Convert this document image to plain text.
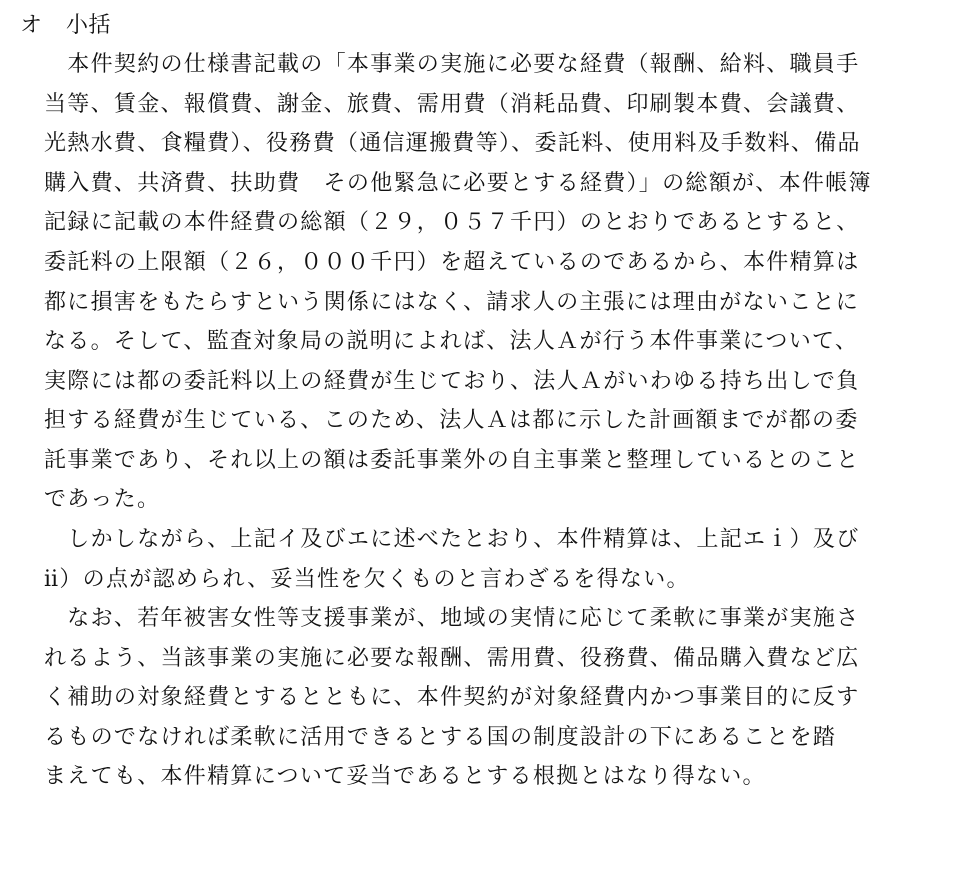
オ 小括
　本件契約の仕様書記載の「本事業の実施に必要な経費（報酬、給料、職員手
当等、賃金、報償費、謝金、旅費、需用費（消耗品費、印刷製本費、会議費、
光熱水費、食糧費）、役務費（通信運搬費等）、委託料、使用料及手数料、備品
購入費、共済費、扶助費　その他緊急に必要とする経費）」の総額が、本件帳簿
記録に記載の本件経費の総額（２９，０５７千円）のとおりであるとすると、
委託料の上限額（２６，０００千円）を超えているのであるから、本件精算は
都に損害をもたらすという関係にはなく、請求人の主張には理由がないことに
なる。そして、監査対象局の説明によれば、法人Ａが行う本件事業について、
実際には都の委託料以上の経費が生じており、法人Ａがいわゆる持ち出しで負
担する経費が生じている、このため、法人Ａは都に示した計画額までが都の委
託事業であり、それ以上の額は委託事業外の自主事業と整理しているとのこと
であった。
　しかしながら、上記イ及びエに述べたとおり、本件精算は、上記エｉ）及び
ⅱ）の点が認められ、妥当性を欠くものと言わざるを得ない。
　なお、若年被害女性等支援事業が、地域の実情に応じて柔軟に事業が実施さ
れるよう、当該事業の実施に必要な報酬、需用費、役務費、備品購入費など広
く補助の対象経費とするとともに、本件契約が対象経費内かつ事業目的に反す
るものでなければ柔軟に活用できるとする国の制度設計の下にあることを踏
まえても、本件精算について妥当であるとする根拠とはなり得ない。
